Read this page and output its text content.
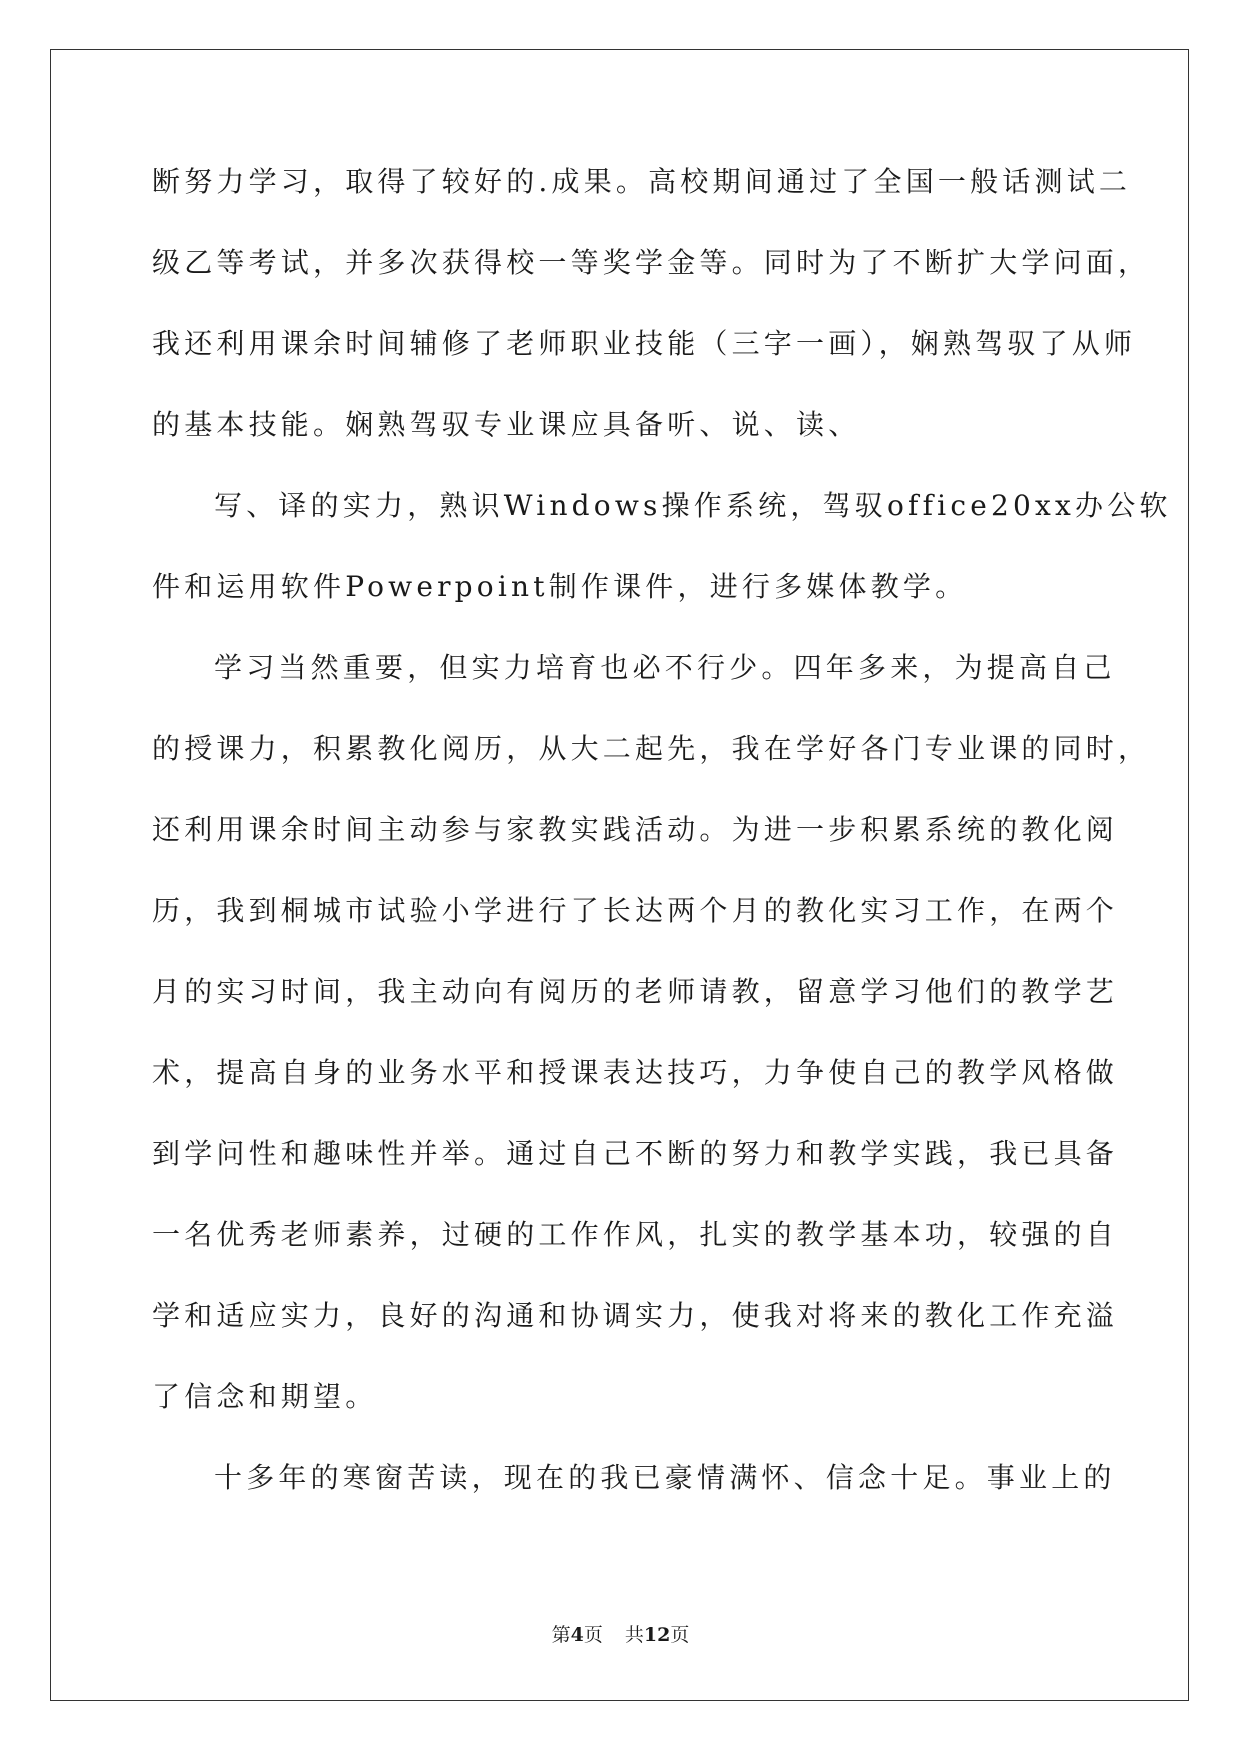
断努力学习，取得了较好的.成果。高校期间通过了全国一般话测试二

级乙等考试，并多次获得校一等奖学金等。同时为了不断扩大学问面，

我还利用课余时间辅修了老师职业技能（三字一画），娴熟驾驭了从师

的基本技能。娴熟驾驭专业课应具备听、说、读、

写、译的实力，熟识Windows操作系统，驾驭office20xx办公软

件和运用软件Powerpoint制作课件，进行多媒体教学。

学习当然重要，但实力培育也必不行少。四年多来，为提高自己

的授课力，积累教化阅历，从大二起先，我在学好各门专业课的同时，

还利用课余时间主动参与家教实践活动。为进一步积累系统的教化阅

历，我到桐城市试验小学进行了长达两个月的教化实习工作，在两个

月的实习时间，我主动向有阅历的老师请教，留意学习他们的教学艺

术，提高自身的业务水平和授课表达技巧，力争使自己的教学风格做

到学问性和趣味性并举。通过自己不断的努力和教学实践，我已具备

一名优秀老师素养，过硬的工作作风，扎实的教学基本功，较强的自

学和适应实力，良好的沟通和协调实力，使我对将来的教化工作充溢

了信念和期望。

十多年的寒窗苦读，现在的我已豪情满怀、信念十足。事业上的

第4页 共12页
